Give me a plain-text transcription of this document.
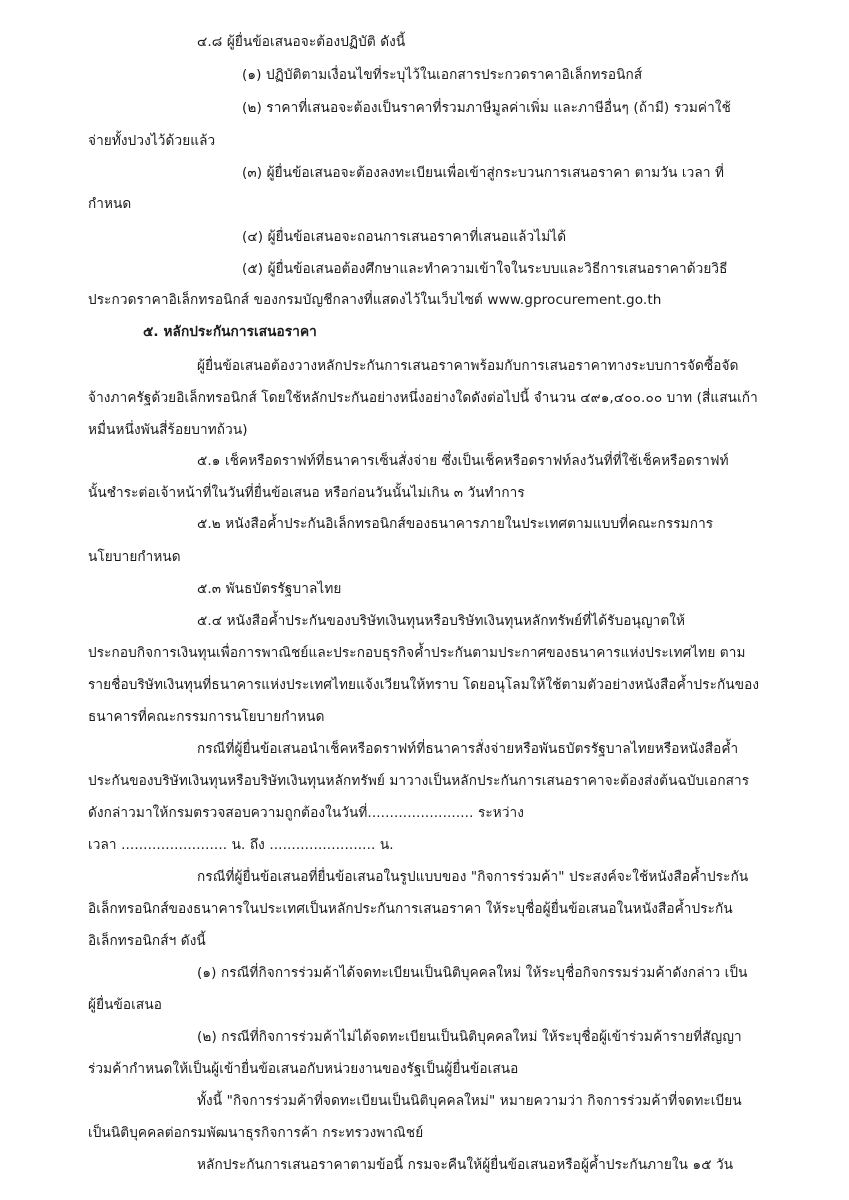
๔.๘ ผู้ยื่นข้อเสนอจะต้องปฏิบัติ ดังนี้
(๑) ปฏิบัติตามเงื่อนไขที่ระบุไว้ในเอกสารประกวดราคาอิเล็กทรอนิกส์
(๒) ราคาที่เสนอจะต้องเป็นราคาที่รวมภาษีมูลค่าเพิ่ม และภาษีอื่นๆ (ถ้ามี) รวมค่าใช้
จ่ายทั้งปวงไว้ด้วยแล้ว
(๓) ผู้ยื่นข้อเสนอจะต้องลงทะเบียนเพื่อเข้าสู่กระบวนการเสนอราคา ตามวัน เวลา ที่
กำหนด
(๔) ผู้ยื่นข้อเสนอจะถอนการเสนอราคาที่เสนอแล้วไม่ได้
(๕) ผู้ยื่นข้อเสนอต้องศึกษาและทำความเข้าใจในระบบและวิธีการเสนอราคาด้วยวิธี
ประกวดราคาอิเล็กทรอนิกส์ ของกรมบัญชีกลางที่แสดงไว้ในเว็บไซต์ www.gprocurement.go.th
๕. หลักประกันการเสนอราคา
ผู้ยื่นข้อเสนอต้องวางหลักประกันการเสนอราคาพร้อมกับการเสนอราคาทางระบบการจัดซื้อจัด
จ้างภาครัฐด้วยอิเล็กทรอนิกส์ โดยใช้หลักประกันอย่างหนึ่งอย่างใดดังต่อไปนี้ จำนวน ๔๙๑,๔๐๐.๐๐ บาท (สี่แสนเก้า
หมื่นหนึ่งพันสี่ร้อยบาทถ้วน)
๕.๑ เช็คหรือดราฟท์ที่ธนาคารเซ็นสั่งจ่าย ซึ่งเป็นเช็คหรือดราฟท์ลงวันที่ที่ใช้เช็คหรือดราฟท์
นั้นชำระต่อเจ้าหน้าที่ในวันที่ยื่นข้อเสนอ หรือก่อนวันนั้นไม่เกิน ๓ วันทำการ
๕.๒ หนังสือค้ำประกันอิเล็กทรอนิกส์ของธนาคารภายในประเทศตามแบบที่คณะกรรมการ
นโยบายกำหนด
๕.๓ พันธบัตรรัฐบาลไทย
๕.๔ หนังสือค้ำประกันของบริษัทเงินทุนหรือบริษัทเงินทุนหลักทรัพย์ที่ได้รับอนุญาตให้
ประกอบกิจการเงินทุนเพื่อการพาณิชย์และประกอบธุรกิจค้ำประกันตามประกาศของธนาคารแห่งประเทศไทย ตาม
รายชื่อบริษัทเงินทุนที่ธนาคารแห่งประเทศไทยแจ้งเวียนให้ทราบ โดยอนุโลมให้ใช้ตามตัวอย่างหนังสือค้ำประกันของ
ธนาคารที่คณะกรรมการนโยบายกำหนด
กรณีที่ผู้ยื่นข้อเสนอนำเช็คหรือดราฟท์ที่ธนาคารสั่งจ่ายหรือพันธบัตรรัฐบาลไทยหรือหนังสือค้ำ
ประกันของบริษัทเงินทุนหรือบริษัทเงินทุนหลักทรัพย์ มาวางเป็นหลักประกันการเสนอราคาจะต้องส่งต้นฉบับเอกสาร
ดังกล่าวมาให้กรมตรวจสอบความถูกต้องในวันที่........................ ระหว่าง
เวลา ........................ น. ถึง ........................ น.
กรณีที่ผู้ยื่นข้อเสนอที่ยื่นข้อเสนอในรูปแบบของ "กิจการร่วมค้า" ประสงค์จะใช้หนังสือค้ำประกัน
อิเล็กทรอนิกส์ของธนาคารในประเทศเป็นหลักประกันการเสนอราคา ให้ระบุชื่อผู้ยื่นข้อเสนอในหนังสือค้ำประกัน
อิเล็กทรอนิกส์ฯ ดังนี้
(๑) กรณีที่กิจการร่วมค้าได้จดทะเบียนเป็นนิติบุคคลใหม่ ให้ระบุชื่อกิจกรรมร่วมค้าดังกล่าว เป็น
ผู้ยื่นข้อเสนอ
(๒) กรณีที่กิจการร่วมค้าไม่ได้จดทะเบียนเป็นนิติบุคคลใหม่ ให้ระบุชื่อผู้เข้าร่วมค้ารายที่สัญญา
ร่วมค้ากำหนดให้เป็นผู้เข้ายื่นข้อเสนอกับหน่วยงานของรัฐเป็นผู้ยื่นข้อเสนอ
ทั้งนี้ "กิจการร่วมค้าที่จดทะเบียนเป็นนิติบุคคลใหม่" หมายความว่า กิจการร่วมค้าที่จดทะเบียน
เป็นนิติบุคคลต่อกรมพัฒนาธุรกิจการค้า กระทรวงพาณิชย์
หลักประกันการเสนอราคาตามข้อนี้ กรมจะคืนให้ผู้ยื่นข้อเสนอหรือผู้ค้ำประกันภายใน ๑๕ วัน
